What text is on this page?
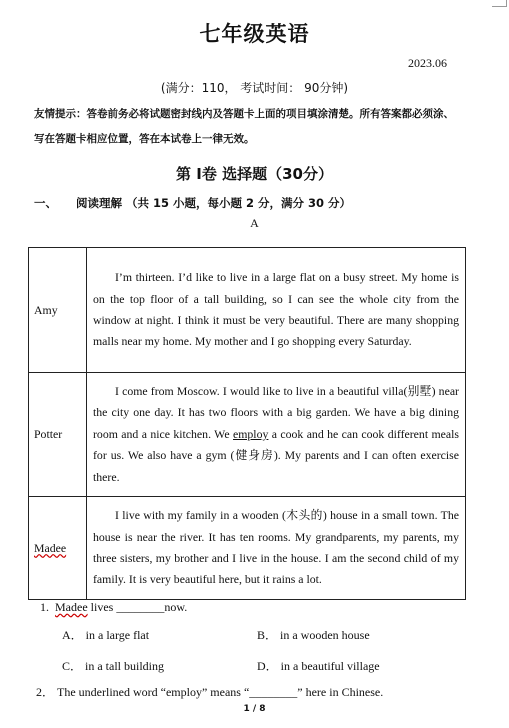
七年级英语
2023.06
(满分：110， 考试时间： 90分钟)
友情提示：答卷前务必将试题密封线内及答题卡上面的项目填涂清楚。所有答案都必须涂、
写在答题卡相应位置，答在本试卷上一律无效。
第 I卷 选择题（30分）
一、 阅读理解 （共 15 小题，每小题 2 分，满分 30 分）
A
Amy	I’m thirteen. I’d like to live in a large flat on a busy street. My home is on the top floor of a tall building, so I can see the whole city from the window at night. I think it must be very beautiful. There are many shopping malls near my home. My mother and I go shopping every Saturday.
Potter	I come from Moscow. I would like to live in a beautiful villa(别墅) near the city one day. It has two floors with a big garden. We have a big dining room and a nice kitchen. We employ a cook and he can cook different meals for us. We also have a gym (健身房). My parents and I can often exercise there.
Madee	I live with my family in a wooden (木头的) house in a small town. The house is near the river. It has ten rooms. My grandparents, my parents, my three sisters, my brother and I live in the house. I am the second child of my family. It is very beautiful here, but it rains a lot.
1. Madee lives ________now.
A． in a large flat	B． in a wooden house
C． in a tall building	D． in a beautiful village
2． The underlined word “employ” means “________” here in Chinese.
1 / 8
